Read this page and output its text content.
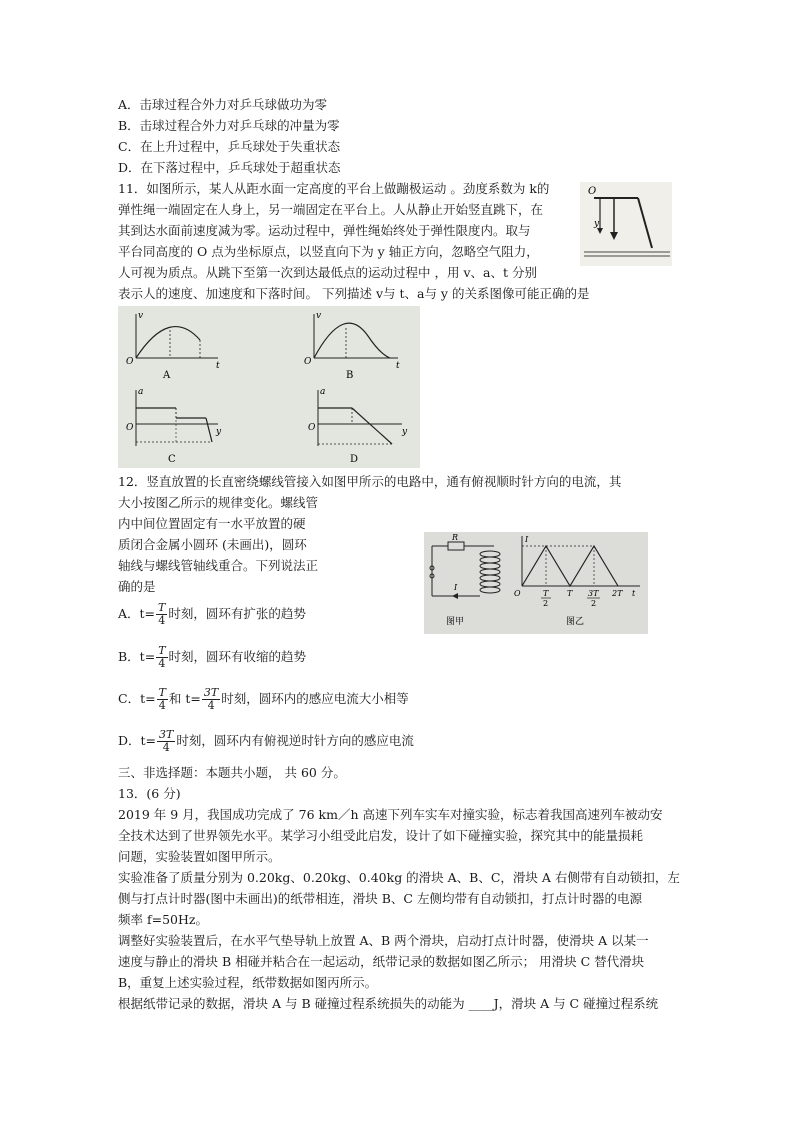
A．击球过程合外力对乒乓球做功为零
B．击球过程合外力对乒乓球的冲量为零
C．在上升过程中，乒乓球处于失重状态
D．在下落过程中，乒乓球处于超重状态
11．如图所示，某人从距水面一定高度的平台上做蹦极运动 。劲度系数为 k的
弹性绳一端固定在人身上，另一端固定在平台上。人从静止开始竖直跳下，在
其到达水面前速度减为零。运动过程中，弹性绳始终处于弹性限度内。取与
平台同高度的 O 点为坐标原点，以竖直向下为 y 轴正方向，忽略空气阻力，
人可视为质点。从跳下至第一次到达最低点的运动过程中 ，用 v、a、t 分别
表示人的速度、加速度和下落时间。 下列描述 v与 t、a与 y 的关系图像可能正确的是
O
y
v
t
O
A
v
t
O
B
a
y
O
C
a
y
O
D
12．竖直放置的长直密绕螺线管接入如图甲所示的电路中，通有俯视顺时针方向的电流，其
大小按图乙所示的规律变化。螺线管
内中间位置固定有一水平放置的硬
质闭合金属小圆环 (未画出)，圆环
轴线与螺线管轴线重合。下列说法正
确的是
R
I
图甲
I
O	T
2
T 3T
2
2T t
图乙
A．$t= \frac{T}{4}$ 时刻，圆环有扩张的趋势
B．$t= \frac{T}{4}$ 时刻，圆环有收缩的趋势
C．$t= \frac{T}{4}$ 和 $t= \frac{3T}{4}$ 时刻，圆环内的感应电流大小相等
D．$t= \frac{3T}{4}$ 时刻，圆环内有俯视逆时针方向的感应电流
三、非选择题：本题共小题， 共 60 分。
13．(6 分)
2019 年 9 月，我国成功完成了 76 km／h 高速下列车实车对撞实验，标志着我国高速列车被动安
全技术达到了世界领先水平。某学习小组受此启发，设计了如下碰撞实验，探究其中的能量损耗
问题，实验装置如图甲所示。
实验准备了质量分别为 0.20kg、0.20kg、0.40kg 的滑块 A、B、C，滑块 A 右侧带有自动锁扣，左
侧与打点计时器(图中未画出)的纸带相连，滑块 B、C 左侧均带有自动锁扣，打点计时器的电源
频率 f=50Hz。
调整好实验装置后，在水平气垫导轨上放置 A、B 两个滑块，启动打点计时器，使滑块 A 以某一
速度与静止的滑块 B 相碰并粘合在一起运动，纸带记录的数据如图乙所示； 用滑块 C 替代滑块
B，重复上述实验过程，纸带数据如图丙所示。
根据纸带记录的数据，滑块 A 与 B 碰撞过程系统损失的动能为 ____J，滑块 A 与 C 碰撞过程系统
